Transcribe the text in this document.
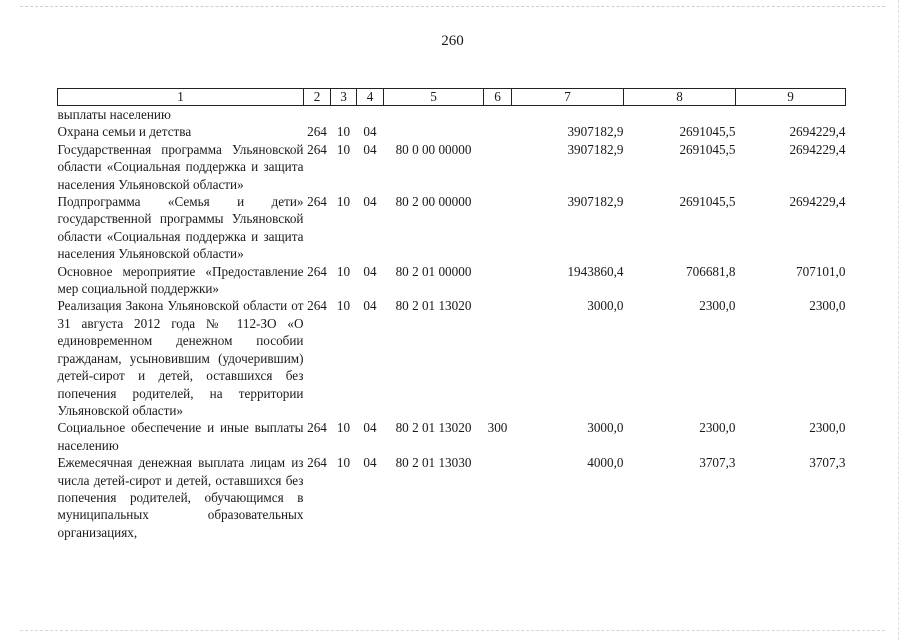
260
1	2	3	4	5	6	7	8	9
выплаты населению								
Охрана семьи и детства	264	10	04			3907182,9	2691045,5	2694229,4
Государственная программа Ульяновской области «Социальная поддержка и защита населения Ульяновской области»	264	10	04	80 0 00 00000		3907182,9	2691045,5	2694229,4
Подпрограмма «Семья и дети» государственной программы Ульяновской области «Социальная поддержка и защита населения Ульяновской области»	264	10	04	80 2 00 00000		3907182,9	2691045,5	2694229,4
Основное мероприятие «Предоставление мер социальной поддержки»	264	10	04	80 2 01 00000		1943860,4	706681,8	707101,0
Реализация Закона Ульяновской области от 31 августа 2012 года № 112-ЗО «О единовременном денежном пособии гражданам, усыновившим (удочерившим) детей-сирот и детей, оставшихся без попечения родителей, на территории Ульяновской области»	264	10	04	80 2 01 13020		3000,0	2300,0	2300,0
Социальное обеспечение и иные выплаты населению	264	10	04	80 2 01 13020	300	3000,0	2300,0	2300,0
Ежемесячная денежная выплата лицам из числа детей-сирот и детей, оставшихся без попечения родителей, обучающимся в муниципальных образовательных организациях,	264	10	04	80 2 01 13030		4000,0	3707,3	3707,3
